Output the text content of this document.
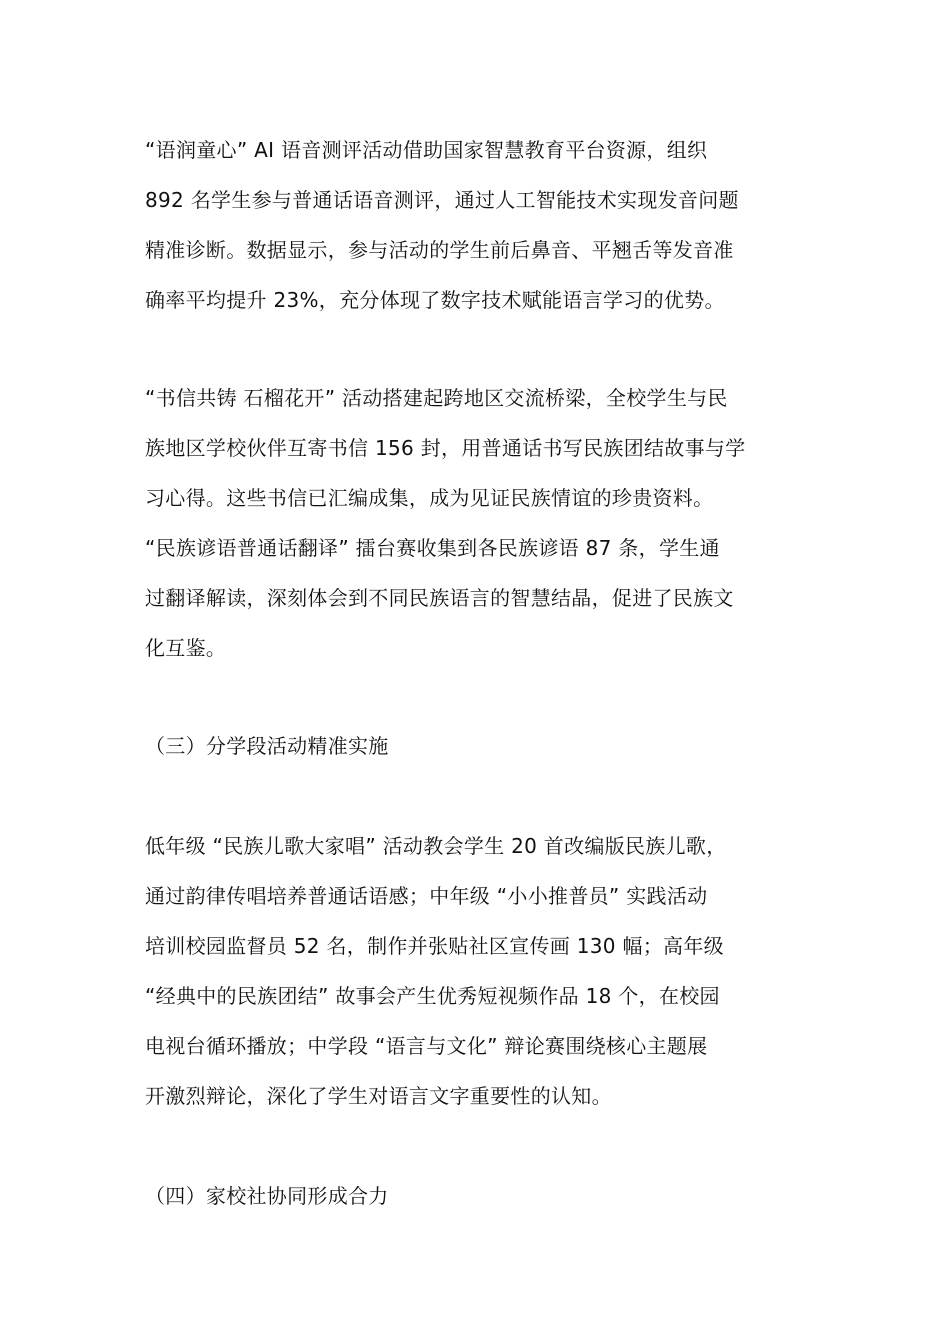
“语润童心” AI 语音测评活动借助国家智慧教育平台资源，组织
892 名学生参与普通话语音测评，通过人工智能技术实现发音问题
精准诊断。数据显示，参与活动的学生前后鼻音、平翘舌等发音准
确率平均提升 23%，充分体现了数字技术赋能语言学习的优势。
“书信共铸 石榴花开” 活动搭建起跨地区交流桥梁，全校学生与民
族地区学校伙伴互寄书信 156 封，用普通话书写民族团结故事与学
习心得。这些书信已汇编成集，成为见证民族情谊的珍贵资料。
“民族谚语普通话翻译” 擂台赛收集到各民族谚语 87 条，学生通
过翻译解读，深刻体会到不同民族语言的智慧结晶，促进了民族文
化互鉴。
（三）分学段活动精准实施
低年级 “民族儿歌大家唱” 活动教会学生 20 首改编版民族儿歌，
通过韵律传唱培养普通话语感；中年级 “小小推普员” 实践活动
培训校园监督员 52 名，制作并张贴社区宣传画 130 幅；高年级
“经典中的民族团结” 故事会产生优秀短视频作品 18 个，在校园
电视台循环播放；中学段 “语言与文化” 辩论赛围绕核心主题展
开激烈辩论，深化了学生对语言文字重要性的认知。
（四）家校社协同形成合力
